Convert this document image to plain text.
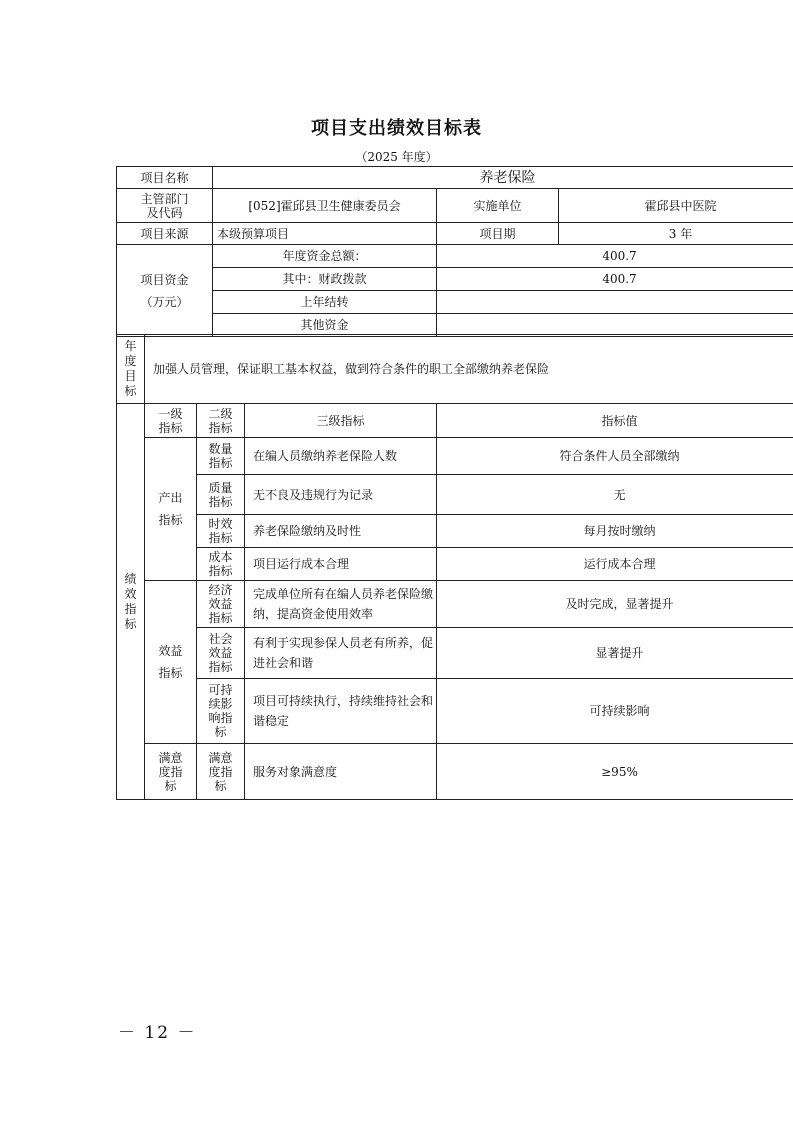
项目支出绩效目标表
（2025 年度）
项目名称	养老保险		
主管部门及代码	[052]霍邱县卫生健康委员会	实施单位	霍邱县中医院
项目来源	本级预算项目	项目期	3 年
项目资金（万元）	年度资金总额：	400.7	
	其中：财政拨款	400.7	
	上年结转		
	其他资金		
年度目标	加强人员管理，保证职工基本权益，做到符合条件的职工全部缴纳养老保险
绩效指标	一级指标	二级指标	三级指标	指标值
	产出指标	数量指标	在编人员缴纳养老保险人数	符合条件人员全部缴纳
		质量指标	无不良及违规行为记录	无
		时效指标	养老保险缴纳及时性	每月按时缴纳
		成本指标	项目运行成本合理	运行成本合理
	效益指标	经济效益指标	完成单位所有在编人员养老保险缴纳，提高资金使用效率	及时完成，显著提升
		社会效益指标	有利于实现参保人员老有所养，促进社会和谐	显著提升
		可持续影响指标	项目可持续执行，持续维持社会和谐稳定	可持续影响
	满意度指标	满意度指标	服务对象满意度	≥95%
－ 12 －
